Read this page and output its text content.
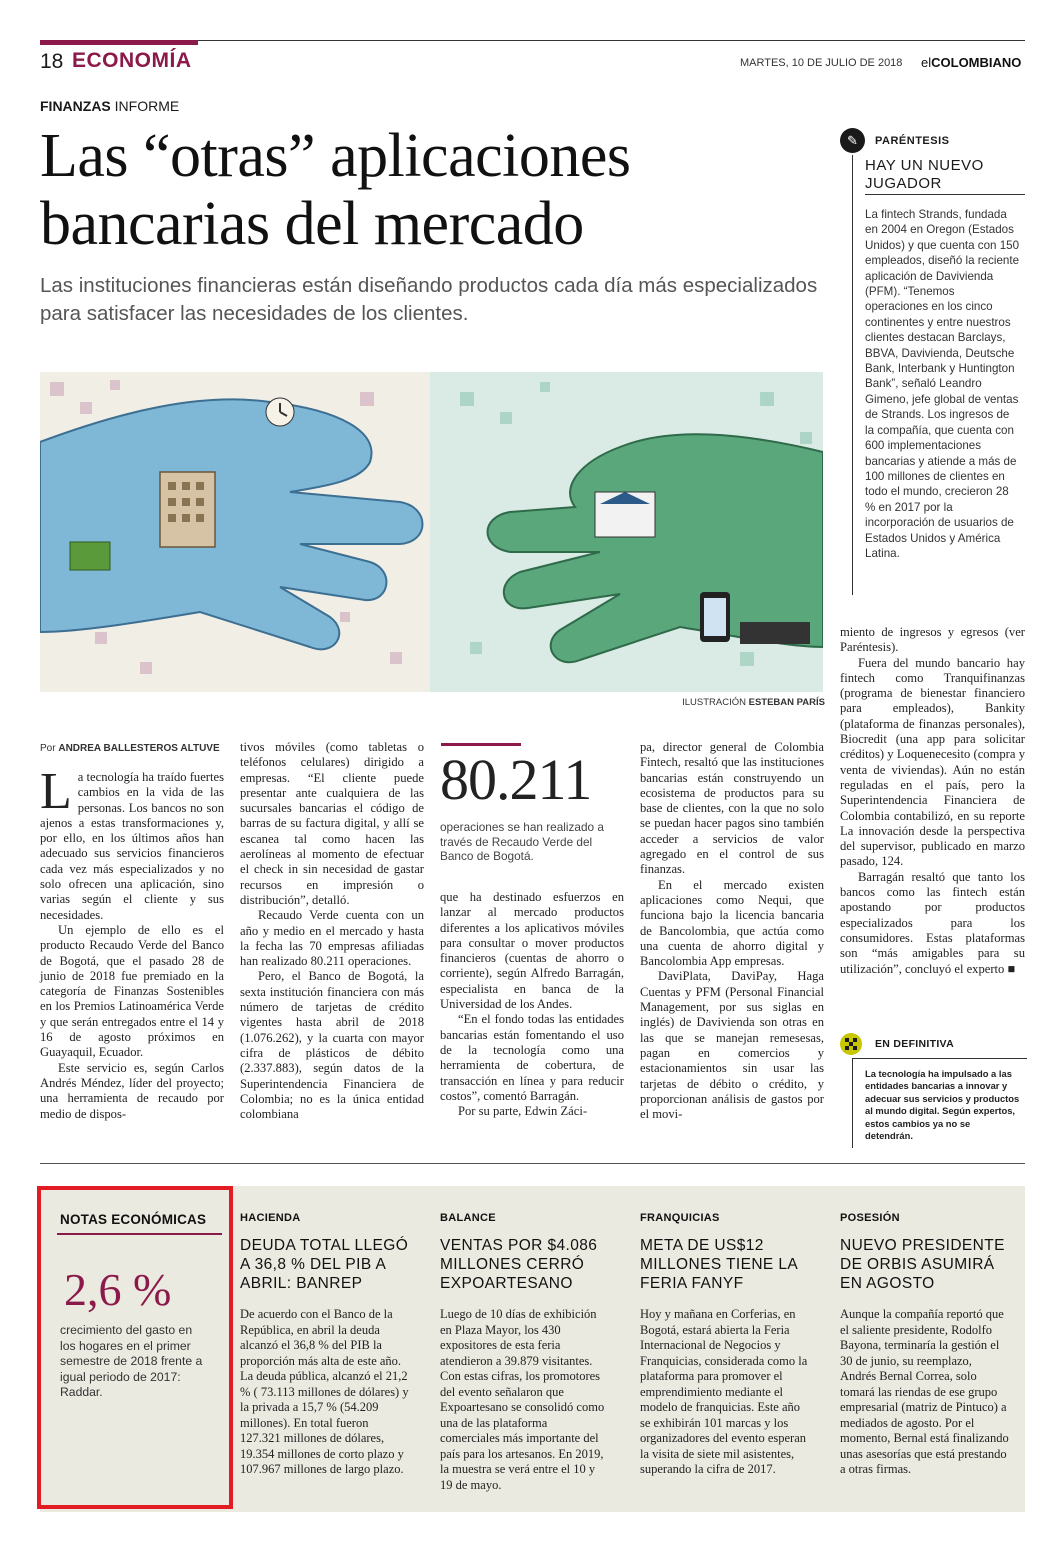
18 ECONOMÍA	MARTES, 10 DE JULIO DE 2018 elCOLOMBIANO
FINANZAS INFORME
Las “otras” aplicaciones
bancarias del mercado
Las instituciones financieras están diseñando productos cada día más especializados para satisfacer las necesidades de los clientes.
ILUSTRACIÓN ESTEBAN PARÍS
✎	PARÉNTESIS
HAY UN NUEVO JUGADOR
La fintech Strands, fundada en 2004 en Oregon (Estados Unidos) y que cuenta con 150 empleados, diseñó la reciente aplicación de Davivienda (PFM). “Tenemos operaciones en los cinco continentes y entre nuestros clientes destacan Barclays, BBVA, Davivienda, Deutsche Bank, Interbank y Huntington Bank”, señaló Leandro Gimeno, jefe global de ventas de Strands. Los ingresos de la compañía, que cuenta con 600 implementaciones bancarias y atiende a más de 100 millones de clientes en todo el mundo, crecieron 28 % en 2017 por la incorporación de usuarios de Estados Unidos y América Latina.
Por ANDREA BALLESTEROS ALTUVE

La tecnología ha traído fuertes cambios en la vida de las personas. Los bancos no son ajenos a estas transformaciones y, por ello, en los últimos años han adecuado sus servicios financieros cada vez más especializados y no solo ofrecen una aplicación, sino varias según el cliente y sus necesidades.

Un ejemplo de ello es el producto Recaudo Verde del Banco de Bogotá, que el pasado 28 de junio de 2018 fue premiado en la categoría de Finanzas Sostenibles en los Premios Latinoamérica Verde y que serán entregados entre el 14 y 16 de agosto próximos en Guayaquil, Ecuador.

Este servicio es, según Carlos Andrés Méndez, líder del proyecto; una herramienta de recaudo por medio de dispos-

tivos móviles (como tabletas o teléfonos celulares) dirigido a empresas. “El cliente puede presentar ante cualquiera de las sucursales bancarias el código de barras de su factura digital, y allí se escanea tal como hacen las aerolíneas al momento de efectuar el check in sin necesidad de gastar recursos en impresión o distribución”, detalló.

Recaudo Verde cuenta con un año y medio en el mercado y hasta la fecha las 70 empresas afiliadas han realizado 80.211 operaciones.

Pero, el Banco de Bogotá, la sexta institución financiera con más número de tarjetas de crédito vigentes hasta abril de 2018 (1.076.262), y la cuarta con mayor cifra de plásticos de débito (2.337.883), según datos de la Superintendencia Financiera de Colombia; no es la única entidad colombiana

80.211
operaciones se han realizado a través de Recaudo Verde del Banco de Bogotá.

que ha destinado esfuerzos en lanzar al mercado productos diferentes a los aplicativos móviles para consultar o mover productos financieros (cuentas de ahorro o corriente), según Alfredo Barragán, especialista en banca de la Universidad de los Andes.

“En el fondo todas las entidades bancarias están fomentando el uso de la tecnología como una herramienta de cobertura, de transacción en línea y para reducir costos”, comentó Barragán.

Por su parte, Edwin Záci-

pa, director general de Colombia Fintech, resaltó que las instituciones bancarias están construyendo un ecosistema de productos para su base de clientes, con la que no solo se puedan hacer pagos sino también acceder a servicios de valor agregado en el control de sus finanzas.

En el mercado existen aplicaciones como Nequi, que funciona bajo la licencia bancaria de Bancolombia, que actúa como una cuenta de ahorro digital y Bancolombia App empresas.

DaviPlata, DaviPay, Haga Cuentas y PFM (Personal Financial Management, por sus siglas en inglés) de Davivienda son otras en las que se manejan remesesas, pagan en comercios y estacionamientos sin usar las tarjetas de débito o crédito, y proporcionan análisis de gastos por el movi-

miento de ingresos y egresos (ver Paréntesis).

Fuera del mundo bancario hay fintech como Tranquifinanzas (programa de bienestar financiero para empleados), Bankity (plataforma de finanzas personales), Biocredit (una app para solicitar créditos) y Loquenecesito (compra y venta de viviendas). Aún no están reguladas en el país, pero la Superintendencia Financiera de Colombia contabilizó, en su reporte La innovación desde la perspectiva del supervisor, publicado en marzo pasado, 124.

Barragán resaltó que tanto los bancos como las fintech están apostando por productos especializados para los consumidores. Estas plataformas son “más amigables para su utilización”, concluyó el experto ■

EN DEFINITIVA
La tecnología ha impulsado a las entidades bancarias a innovar y adecuar sus servicios y productos al mundo digital. Según expertos, estos cambios ya no se detendrán.
NOTAS ECONÓMICAS
2,6 %
crecimiento del gasto en los hogares en el primer semestre de 2018 frente a igual periodo de 2017: Raddar.
HACIENDA
DEUDA TOTAL LLEGÓ A 36,8 % DEL PIB A ABRIL: BANREP
De acuerdo con el Banco de la República, en abril la deuda alcanzó el 36,8 % del PIB la proporción más alta de este año. La deuda pública, alcanzó el 21,2 % ( 73.113 millones de dólares) y la privada a 15,7 % (54.209 millones). En total fueron 127.321 millones de dólares, 19.354 millones de corto plazo y 107.967 millones de largo plazo.
BALANCE
VENTAS POR $4.086 MILLONES CERRÓ EXPOARTESANO
Luego de 10 días de exhibición en Plaza Mayor, los 430 expositores de esta feria atendieron a 39.879 visitantes. Con estas cifras, los promotores del evento señalaron que Expoartesano se consolidó como una de las plataforma comerciales más importante del país para los artesanos. En 2019, la muestra se verá entre el 10 y 19 de mayo.
FRANQUICIAS
META DE US$12 MILLONES TIENE LA FERIA FANYF
Hoy y mañana en Corferias, en Bogotá, estará abierta la Feria Internacional de Negocios y Franquicias, considerada como la plataforma para promover el emprendimiento mediante el modelo de franquicias. Este año se exhibirán 101 marcas y los organizadores del evento esperan la visita de siete mil asistentes, superando la cifra de 2017.
POSESIÓN
NUEVO PRESIDENTE DE ORBIS ASUMIRÁ EN AGOSTO
Aunque la compañía reportó que el saliente presidente, Rodolfo Bayona, terminaría la gestión el 30 de junio, su reemplazo, Andrés Bernal Correa, solo tomará las riendas de ese grupo empresarial (matriz de Pintuco) a mediados de agosto. Por el momento, Bernal está finalizando unas asesorías que está prestando a otras firmas.
